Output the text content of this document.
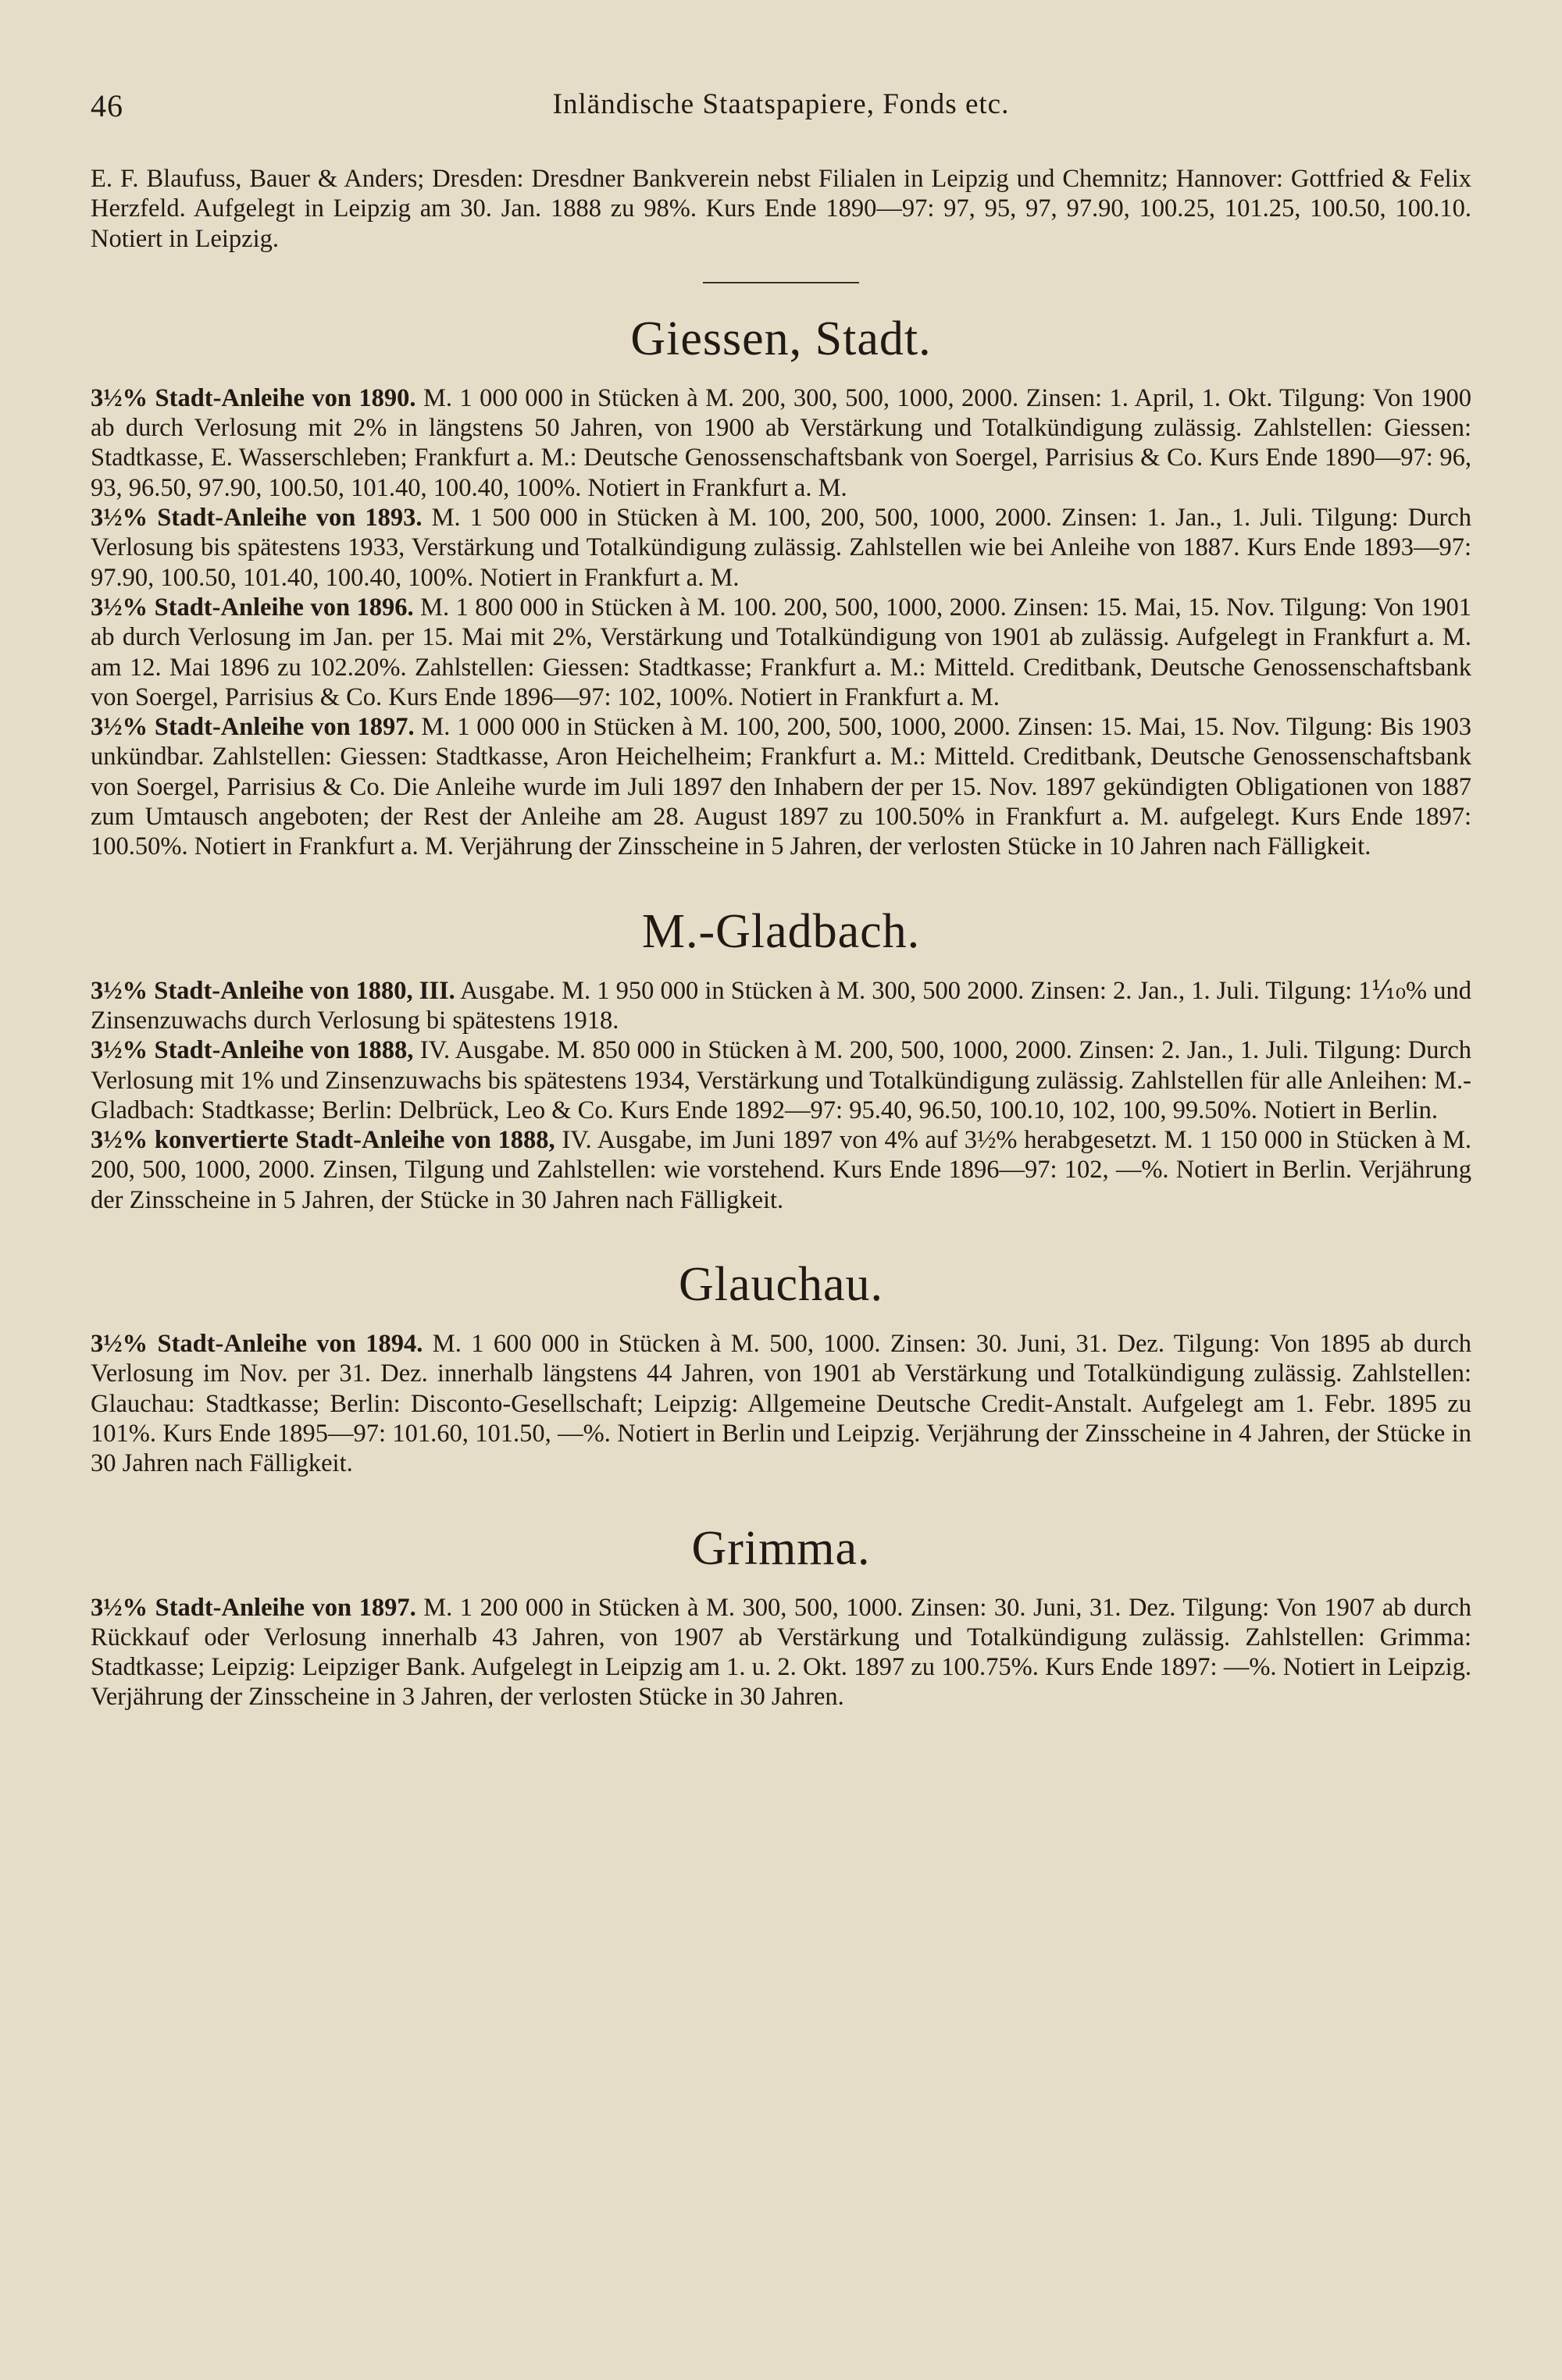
46	Inländische Staatspapiere, Fonds etc.

E. F. Blaufuss, Bauer & Anders; Dresden: Dresdner Bankverein nebst Filialen in Leipzig und Chemnitz; Hannover: Gottfried & Felix Herzfeld. Aufgelegt in Leipzig am 30. Jan. 1888 zu 98%. Kurs Ende 1890—97: 97, 95, 97, 97.90, 100.25, 101.25, 100.50, 100.10. Notiert in Leipzig.

Giessen, Stadt.

3½% Stadt-Anleihe von 1890. M. 1 000 000 in Stücken à M. 200, 300, 500, 1000, 2000. Zinsen: 1. April, 1. Okt. Tilgung: Von 1900 ab durch Verlosung mit 2% in längstens 50 Jahren, von 1900 ab Verstärkung und Totalkündigung zulässig. Zahlstellen: Giessen: Stadtkasse, E. Wasserschleben; Frankfurt a. M.: Deutsche Genossenschaftsbank von Soergel, Parrisius & Co. Kurs Ende 1890—97: 96, 93, 96.50, 97.90, 100.50, 101.40, 100.40, 100%. Notiert in Frankfurt a. M.

3½% Stadt-Anleihe von 1893. M. 1 500 000 in Stücken à M. 100, 200, 500, 1000, 2000. Zinsen: 1. Jan., 1. Juli. Tilgung: Durch Verlosung bis spätestens 1933, Verstärkung und Totalkündigung zulässig. Zahlstellen wie bei Anleihe von 1887. Kurs Ende 1893—97: 97.90, 100.50, 101.40, 100.40, 100%. Notiert in Frankfurt a. M.

3½% Stadt-Anleihe von 1896. M. 1 800 000 in Stücken à M. 100. 200, 500, 1000, 2000. Zinsen: 15. Mai, 15. Nov. Tilgung: Von 1901 ab durch Verlosung im Jan. per 15. Mai mit 2%, Verstärkung und Totalkündigung von 1901 ab zulässig. Aufgelegt in Frankfurt a. M. am 12. Mai 1896 zu 102.20%. Zahlstellen: Giessen: Stadtkasse; Frankfurt a. M.: Mitteld. Creditbank, Deutsche Genossenschaftsbank von Soergel, Parrisius & Co. Kurs Ende 1896—97: 102, 100%. Notiert in Frankfurt a. M.

3½% Stadt-Anleihe von 1897. M. 1 000 000 in Stücken à M. 100, 200, 500, 1000, 2000. Zinsen: 15. Mai, 15. Nov. Tilgung: Bis 1903 unkündbar. Zahlstellen: Giessen: Stadtkasse, Aron Heichelheim; Frankfurt a. M.: Mitteld. Creditbank, Deutsche Genossenschaftsbank von Soergel, Parrisius & Co. Die Anleihe wurde im Juli 1897 den Inhabern der per 15. Nov. 1897 gekündigten Obligationen von 1887 zum Umtausch angeboten; der Rest der Anleihe am 28. August 1897 zu 100.50% in Frankfurt a. M. aufgelegt. Kurs Ende 1897: 100.50%. Notiert in Frankfurt a. M. Verjährung der Zinsscheine in 5 Jahren, der verlosten Stücke in 10 Jahren nach Fälligkeit.

M.-Gladbach.

3½% Stadt-Anleihe von 1880, III. Ausgabe. M. 1 950 000 in Stücken à M. 300, 500 2000. Zinsen: 2. Jan., 1. Juli. Tilgung: 1⅒% und Zinsenzuwachs durch Verlosung bi spätestens 1918.

3½% Stadt-Anleihe von 1888, IV. Ausgabe. M. 850 000 in Stücken à M. 200, 500, 1000, 2000. Zinsen: 2. Jan., 1. Juli. Tilgung: Durch Verlosung mit 1% und Zinsenzuwachs bis spätestens 1934, Verstärkung und Totalkündigung zulässig. Zahlstellen für alle Anleihen: M.-Gladbach: Stadtkasse; Berlin: Delbrück, Leo & Co. Kurs Ende 1892—97: 95.40, 96.50, 100.10, 102, 100, 99.50%. Notiert in Berlin.

3½% konvertierte Stadt-Anleihe von 1888, IV. Ausgabe, im Juni 1897 von 4% auf 3½% herabgesetzt. M. 1 150 000 in Stücken à M. 200, 500, 1000, 2000. Zinsen, Tilgung und Zahlstellen: wie vorstehend. Kurs Ende 1896—97: 102, —%. Notiert in Berlin. Verjährung der Zinsscheine in 5 Jahren, der Stücke in 30 Jahren nach Fälligkeit.

Glauchau.

3½% Stadt-Anleihe von 1894. M. 1 600 000 in Stücken à M. 500, 1000. Zinsen: 30. Juni, 31. Dez. Tilgung: Von 1895 ab durch Verlosung im Nov. per 31. Dez. innerhalb längstens 44 Jahren, von 1901 ab Verstärkung und Totalkündigung zulässig. Zahlstellen: Glauchau: Stadtkasse; Berlin: Disconto-Gesellschaft; Leipzig: Allgemeine Deutsche Credit-Anstalt. Aufgelegt am 1. Febr. 1895 zu 101%. Kurs Ende 1895—97: 101.60, 101.50, —%. Notiert in Berlin und Leipzig. Verjährung der Zinsscheine in 4 Jahren, der Stücke in 30 Jahren nach Fälligkeit.

Grimma.

3½% Stadt-Anleihe von 1897. M. 1 200 000 in Stücken à M. 300, 500, 1000. Zinsen: 30. Juni, 31. Dez. Tilgung: Von 1907 ab durch Rückkauf oder Verlosung innerhalb 43 Jahren, von 1907 ab Verstärkung und Totalkündigung zulässig. Zahlstellen: Grimma: Stadtkasse; Leipzig: Leipziger Bank. Aufgelegt in Leipzig am 1. u. 2. Okt. 1897 zu 100.75%. Kurs Ende 1897: —%. Notiert in Leipzig. Verjährung der Zinsscheine in 3 Jahren, der verlosten Stücke in 30 Jahren.
